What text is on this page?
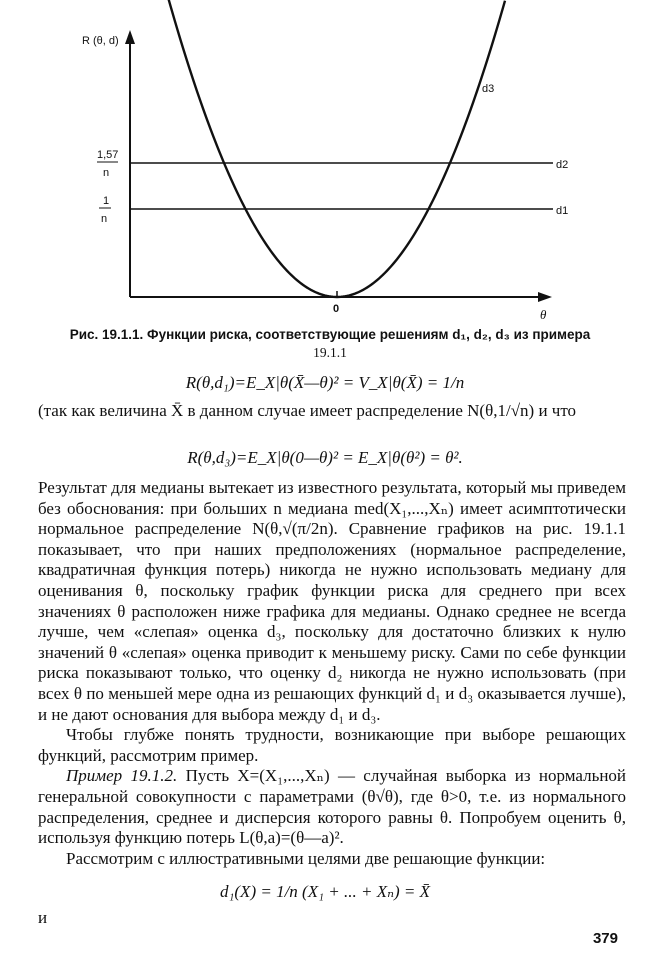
R (θ, d)
θ
0
1,57
n
1
n
d3
d2
d1
Рис. 19.1.1. Функции риска, соответствующие решениям d₁, d₂, d₃ из примера
19.1.1
R(θ,d₁)=E_X|θ(X̄—θ)² = V_X|θ(X̄) = 1/n

(так как величина X̄ в данном случае имеет распределение N(θ,1/√n) и что

R(θ,d₃)=E_X|θ(0—θ)² = E_X|θ(θ²) = θ².

Результат для медианы вытекает из известного результата, который мы приведем без обоснования: при больших n медиана med(X₁,...,Xₙ) имеет асимптотически нормальное распределение N(θ,√(π/2n). Сравнение графиков на рис. 19.1.1 показывает, что при наших предположениях (нормальное распределение, квадратичная функция потерь) никогда не нужно использовать медиану для оценивания θ, поскольку график функции риска для среднего при всех значениях θ расположен ниже графика для медианы. Однако среднее не всегда лучше, чем «слепая» оценка d₃, поскольку для достаточно близких к нулю значений θ «слепая» оценка приводит к меньшему риску. Сами по себе функции риска показывают только, что оценку d₂ никогда не нужно использовать (при всех θ по меньшей мере одна из решающих функций d₁ и d₃ оказывается лучше), и не дают основания для выбора между d₁ и d₃.

Чтобы глубже понять трудности, возникающие при выборе решающих функций, рассмотрим пример.

Пример 19.1.2. Пусть X=(X₁,...,Xₙ) — случайная выборка из нормальной генеральной совокупности с параметрами (θ√θ), где θ>0, т.е. из нормального распределения, среднее и дисперсия которого равны θ. Попробуем оценить θ, используя функцию потерь L(θ,a)=(θ—a)².

Рассмотрим с иллюстративными целями две решающие функции:

d₁(X) = 1/n (X₁ + ... + Xₙ) = X̄
и
379
